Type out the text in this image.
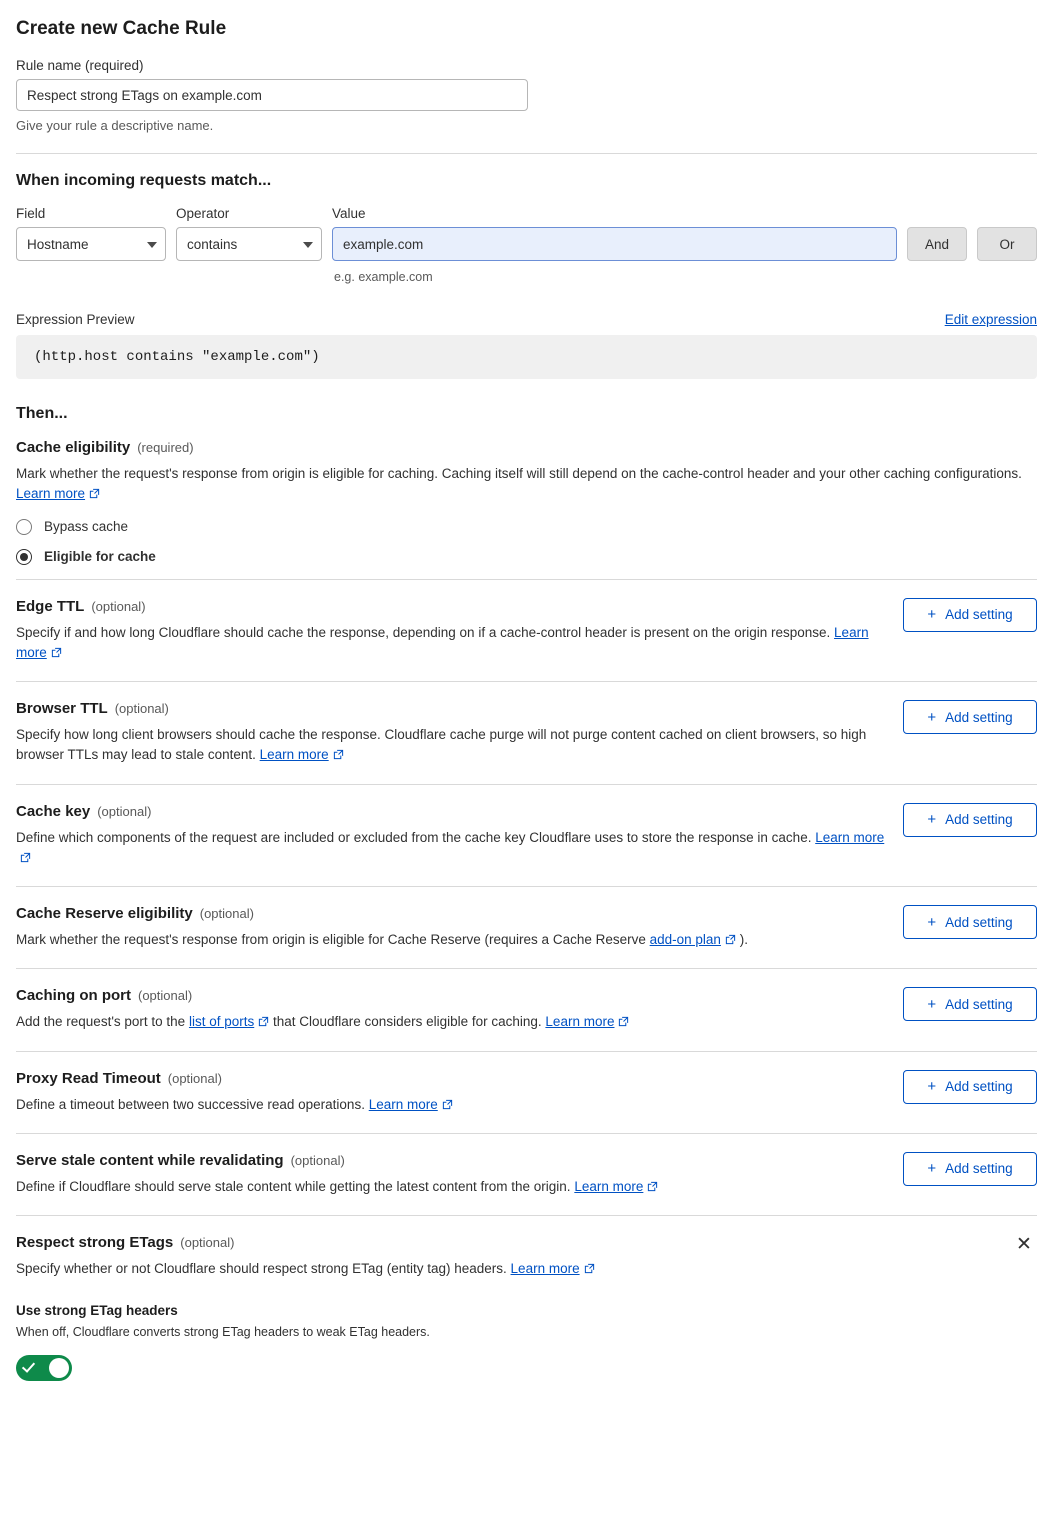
Create new Cache Rule
Rule name (required)
Respect strong ETags on example.com
Give your rule a descriptive name.
When incoming requests match...
Field
Hostname
Operator
contains
Value
example.com
e.g. example.com
And	Or
Expression Preview	Edit expression
(http.host contains "example.com")
Then...
Cache eligibility (required)
Mark whether the request's response from origin is eligible for caching. Caching itself will still depend on the cache-control header and your other caching configurations. Learn more
Bypass cache
Eligible for cache
Edge TTL (optional)
Specify if and how long Cloudflare should cache the response, depending on if a cache-control header is present on the origin response. Learn more
+ Add setting
Browser TTL (optional)
Specify how long client browsers should cache the response. Cloudflare cache purge will not purge content cached on client browsers, so high browser TTLs may lead to stale content. Learn more
+ Add setting
Cache key (optional)
Define which components of the request are included or excluded from the cache key Cloudflare uses to store the response in cache. Learn more
+ Add setting
Cache Reserve eligibility (optional)
Mark whether the request's response from origin is eligible for Cache Reserve (requires a Cache Reserve add-on plan ).
+ Add setting
Caching on port (optional)
Add the request's port to the list of ports that Cloudflare considers eligible for caching. Learn more
+ Add setting
Proxy Read Timeout (optional)
Define a timeout between two successive read operations. Learn more
+ Add setting
Serve stale content while revalidating (optional)
Define if Cloudflare should serve stale content while getting the latest content from the origin. Learn more
+ Add setting
✕
Respect strong ETags (optional)
Specify whether or not Cloudflare should respect strong ETag (entity tag) headers. Learn more
Use strong ETag headers
When off, Cloudflare converts strong ETag headers to weak ETag headers.
